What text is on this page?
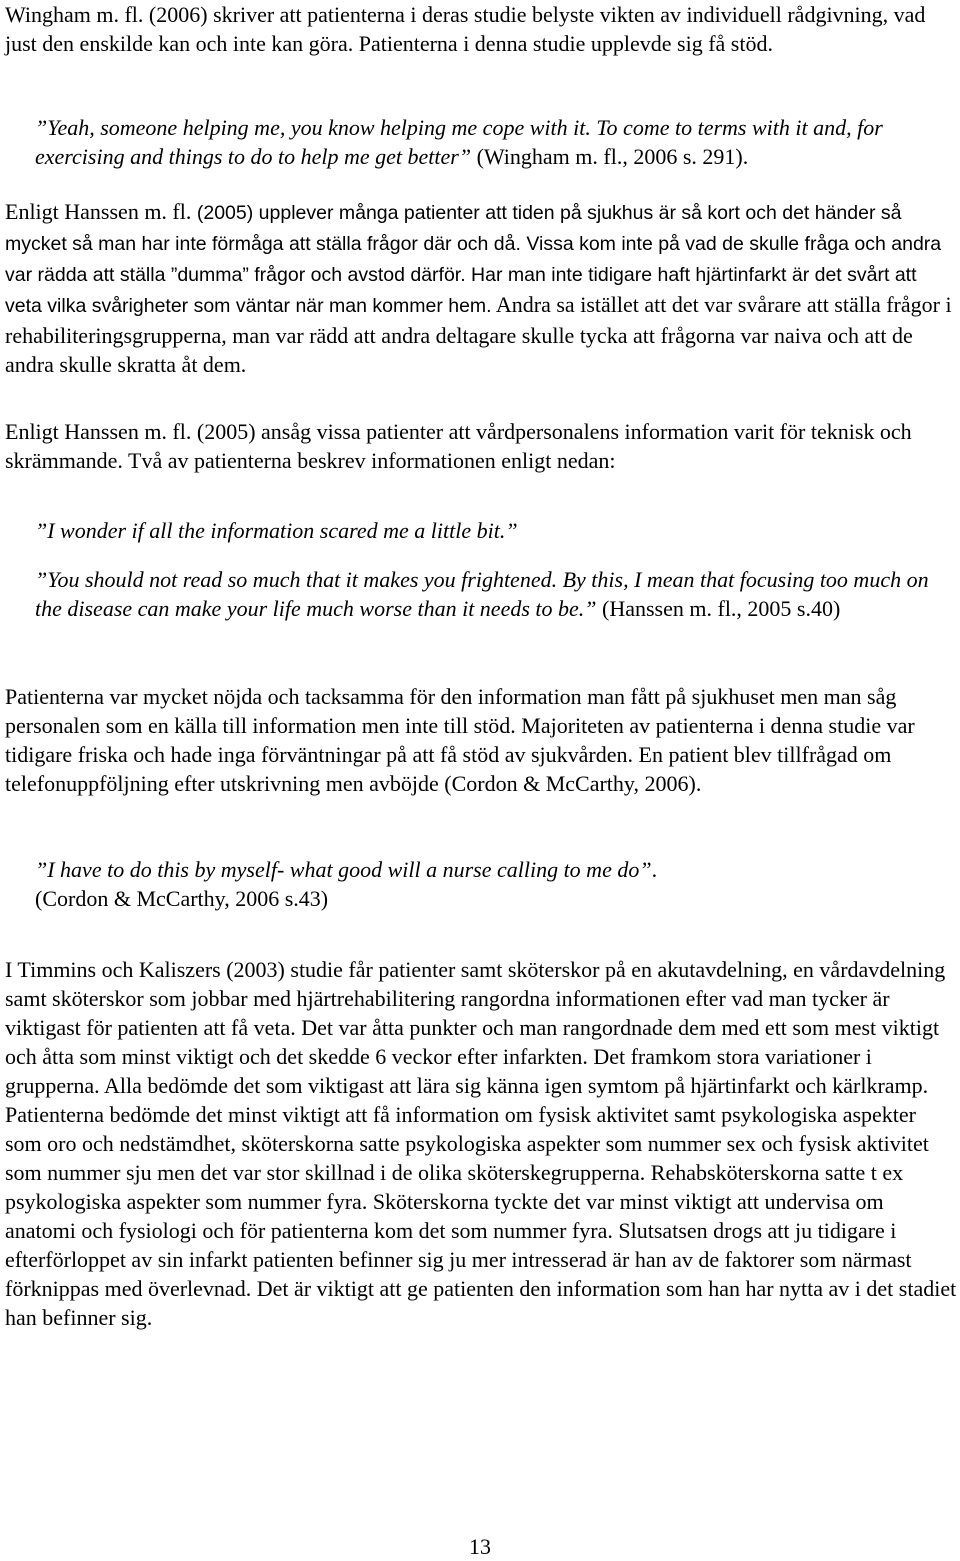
Wingham m. fl. (2006) skriver att patienterna i deras studie belyste vikten av individuell rådgivning, vad just den enskilde kan och inte kan göra. Patienterna i denna studie upplevde sig få stöd.

”Yeah, someone helping me, you know helping me cope with it. To come to terms with it and, for exercising and things to do to help me get better” (Wingham m. fl., 2006 s. 291).

Enligt Hanssen m. fl. (2005) upplever många patienter att tiden på sjukhus är så kort och det händer så mycket så man har inte förmåga att ställa frågor där och då. Vissa kom inte på vad de skulle fråga och andra var rädda att ställa ”dumma” frågor och avstod därför. Har man inte tidigare haft hjärtinfarkt är det svårt att veta vilka svårigheter som väntar när man kommer hem. Andra sa istället att det var svårare att ställa frågor i rehabiliteringsgrupperna, man var rädd att andra deltagare skulle tycka att frågorna var naiva och att de andra skulle skratta åt dem.

Enligt Hanssen m. fl. (2005) ansåg vissa patienter att vårdpersonalens information varit för teknisk och skrämmande. Två av patienterna beskrev informationen enligt nedan:

”I wonder if all the information scared me a little bit.”

”You should not read so much that it makes you frightened. By this, I mean that focusing too much on the disease can make your life much worse than it needs to be.” (Hanssen m. fl., 2005 s.40)

Patienterna var mycket nöjda och tacksamma för den information man fått på sjukhuset men man såg personalen som en källa till information men inte till stöd. Majoriteten av patienterna i denna studie var tidigare friska och hade inga förväntningar på att få stöd av sjukvården. En patient blev tillfrågad om telefonuppföljning efter utskrivning men avböjde (Cordon & McCarthy, 2006).

”I have to do this by myself- what good will a nurse calling to me do”.
(Cordon & McCarthy, 2006 s.43)

I Timmins och Kaliszers (2003) studie får patienter samt sköterskor på en akutavdelning, en vårdavdelning samt sköterskor som jobbar med hjärtrehabilitering rangordna informationen efter vad man tycker är viktigast för patienten att få veta. Det var åtta punkter och man rangordnade dem med ett som mest viktigt och åtta som minst viktigt och det skedde 6 veckor efter infarkten. Det framkom stora variationer i grupperna. Alla bedömde det som viktigast att lära sig känna igen symtom på hjärtinfarkt och kärlkramp. Patienterna bedömde det minst viktigt att få information om fysisk aktivitet samt psykologiska aspekter som oro och nedstämdhet, sköterskorna satte psykologiska aspekter som nummer sex och fysisk aktivitet som nummer sju men det var stor skillnad i de olika sköterskegrupperna. Rehabsköterskorna satte t ex psykologiska aspekter som nummer fyra. Sköterskorna tyckte det var minst viktigt att undervisa om anatomi och fysiologi och för patienterna kom det som nummer fyra. Slutsatsen drogs att ju tidigare i efterförloppet av sin infarkt patienten befinner sig ju mer intresserad är han av de faktorer som närmast förknippas med överlevnad. Det är viktigt att ge patienten den information som han har nytta av i det stadiet han befinner sig.

13
